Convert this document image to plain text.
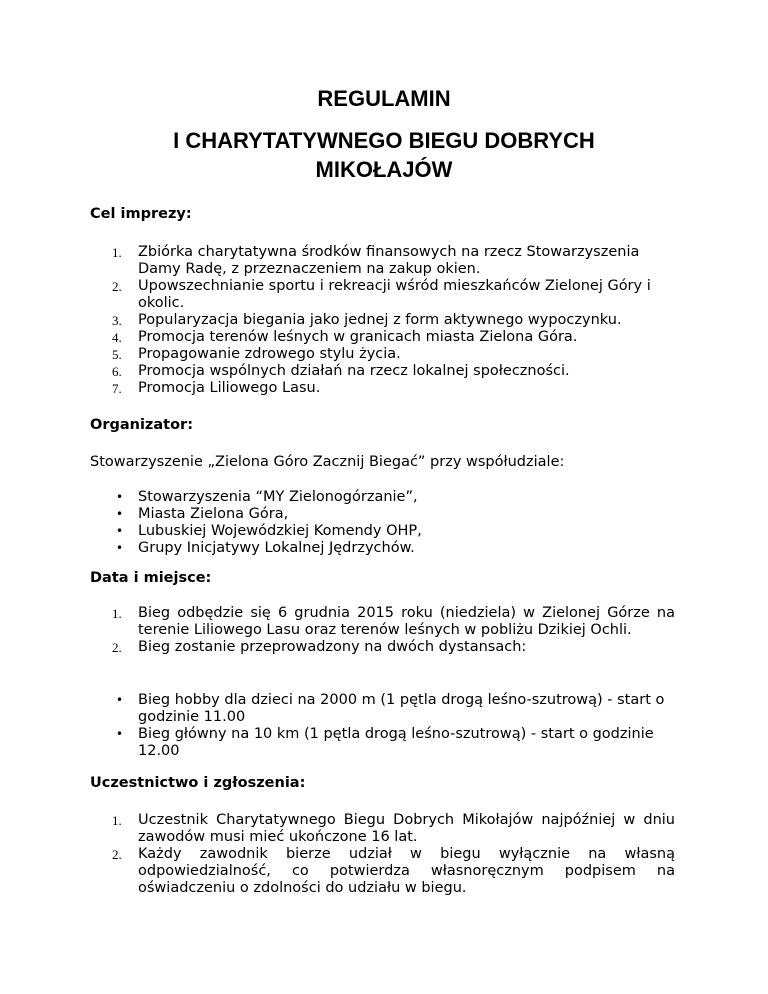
REGULAMIN
I CHARYTATYWNEGO BIEGU DOBRYCH
MIKOŁAJÓW

Cel imprezy:

1. Zbiórka charytatywna środków finansowych na rzecz Stowarzyszenia Damy Radę, z przeznaczeniem na zakup okien.
2. Upowszechnianie sportu i rekreacji wśród mieszkańców Zielonej Góry i okolic.
3. Popularyzacja biegania jako jednej z form aktywnego wypoczynku.
4. Promocja terenów leśnych w granicach miasta Zielona Góra.
5. Propagowanie zdrowego stylu życia.
6. Promocja wspólnych działań na rzecz lokalnej społeczności.
7. Promocja Liliowego Lasu.

Organizator:

Stowarzyszenie „Zielona Góro Zacznij Biegać” przy współudziale:

• Stowarzyszenia “MY Zielonogórzanie”,
• Miasta Zielona Góra,
• Lubuskiej Wojewódzkiej Komendy OHP,
• Grupy Inicjatywy Lokalnej Jędrzychów.

Data i miejsce:

1. Bieg odbędzie się 6 grudnia 2015 roku (niedziela) w Zielonej Górze na terenie Liliowego Lasu oraz terenów leśnych w pobliżu Dzikiej Ochli.
2. Bieg zostanie przeprowadzony na dwóch dystansach:
• Bieg hobby dla dzieci na 2000 m (1 pętla drogą leśno-szutrową) - start o godzinie 11.00
• Bieg główny na 10 km (1 pętla drogą leśno-szutrową) - start o godzinie 12.00

Uczestnictwo i zgłoszenia:

1. Uczestnik Charytatywnego Biegu Dobrych Mikołajów najpóźniej w dniu zawodów musi mieć ukończone 16 lat.
2. Każdy zawodnik bierze udział w biegu wyłącznie na własną odpowiedzialność, co potwierdza własnoręcznym podpisem na oświadczeniu o zdolności do udziału w biegu.
